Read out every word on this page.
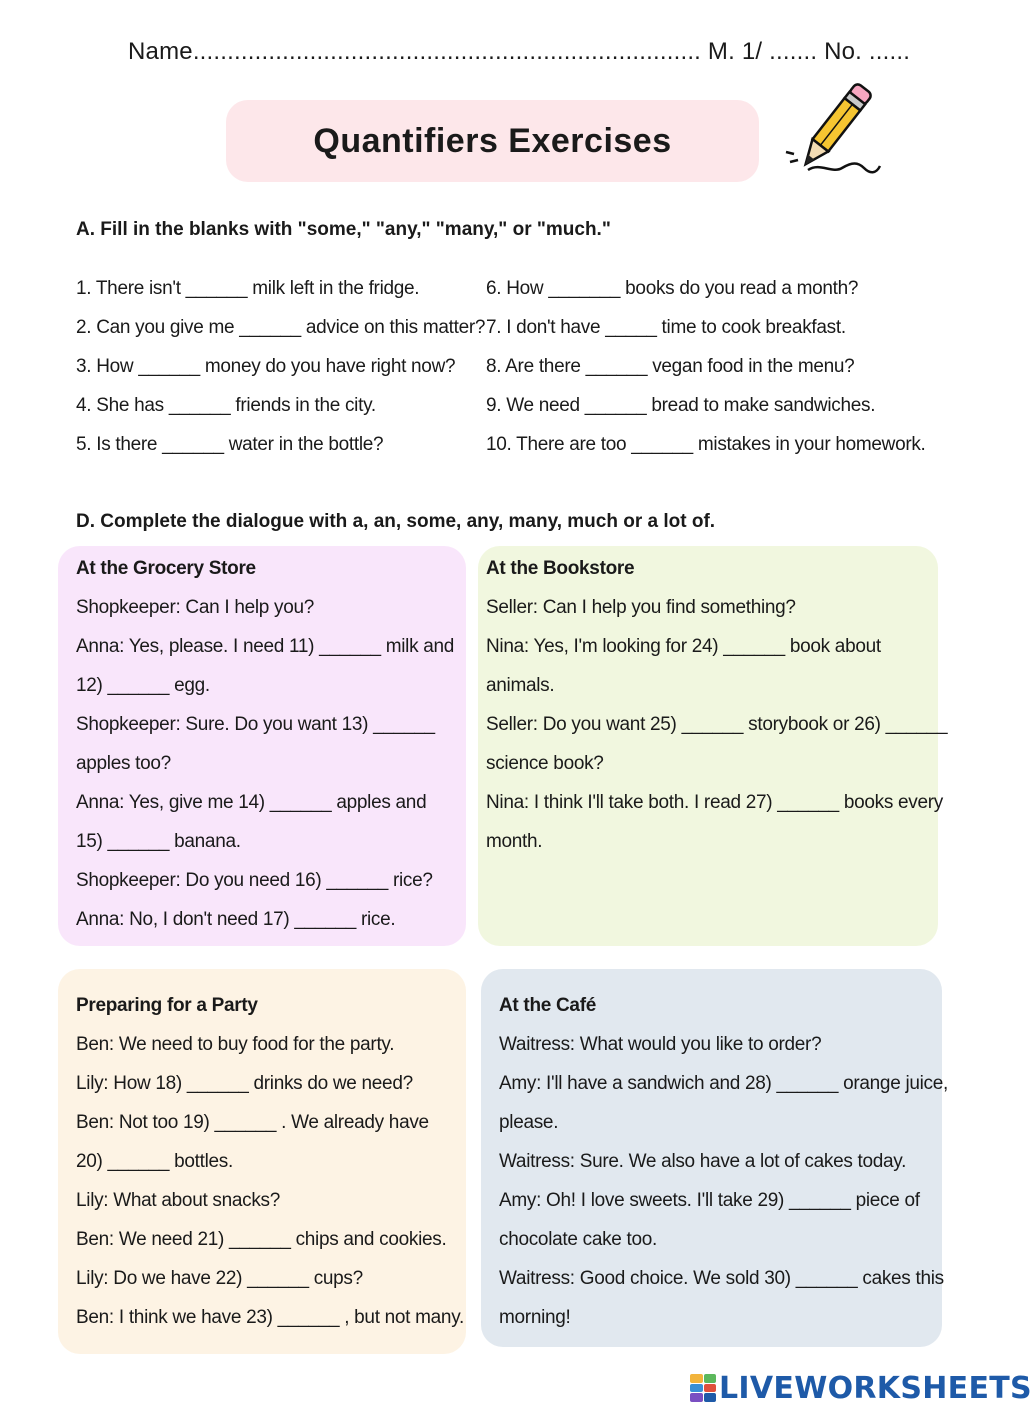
Name.......................................................................... M. 1/ ....... No. ......
Quantifiers Exercises
A. Fill in the blanks with "some," "any," "many," or "much."
1. There isn't ______ milk left in the fridge.
2. Can you give me ______ advice on this matter?
3. How ______ money do you have right now?
4. She has ______ friends in the city.
5. Is there ______ water in the bottle?
6. How _______ books do you read a month?
7. I don't have _____ time to cook breakfast.
8. Are there ______ vegan food in the menu?
9. We need ______ bread to make sandwiches.
10. There are too ______ mistakes in your homework.
D. Complete the dialogue with a, an, some, any, many, much or a lot of.
At the Grocery Store
Shopkeeper: Can I help you?
Anna: Yes, please. I need 11) ______ milk and
12) ______ egg.
Shopkeeper: Sure. Do you want 13) ______
apples too?
Anna: Yes, give me 14) ______ apples and
15) ______ banana.
Shopkeeper: Do you need 16) ______ rice?
Anna: No, I don't need 17) ______ rice.
At the Bookstore
Seller: Can I help you find something?
Nina: Yes, I'm looking for 24) ______ book about
animals.
Seller: Do you want 25) ______ storybook or 26) ______
science book?
Nina: I think I'll take both. I read 27) ______ books every
month.
Preparing for a Party
Ben: We need to buy food for the party.
Lily: How 18) ______ drinks do we need?
Ben: Not too 19) ______ . We already have
20) ______ bottles.
Lily: What about snacks?
Ben: We need 21) ______ chips and cookies.
Lily: Do we have 22) ______ cups?
Ben: I think we have 23) ______ , but not many.
At the Café
Waitress: What would you like to order?
Amy: I'll have a sandwich and 28) ______ orange juice,
please.
Waitress: Sure. We also have a lot of cakes today.
Amy: Oh! I love sweets. I'll take 29) ______ piece of
chocolate cake too.
Waitress: Good choice. We sold 30) ______ cakes this
morning!
LIVEWORKSHEETS
